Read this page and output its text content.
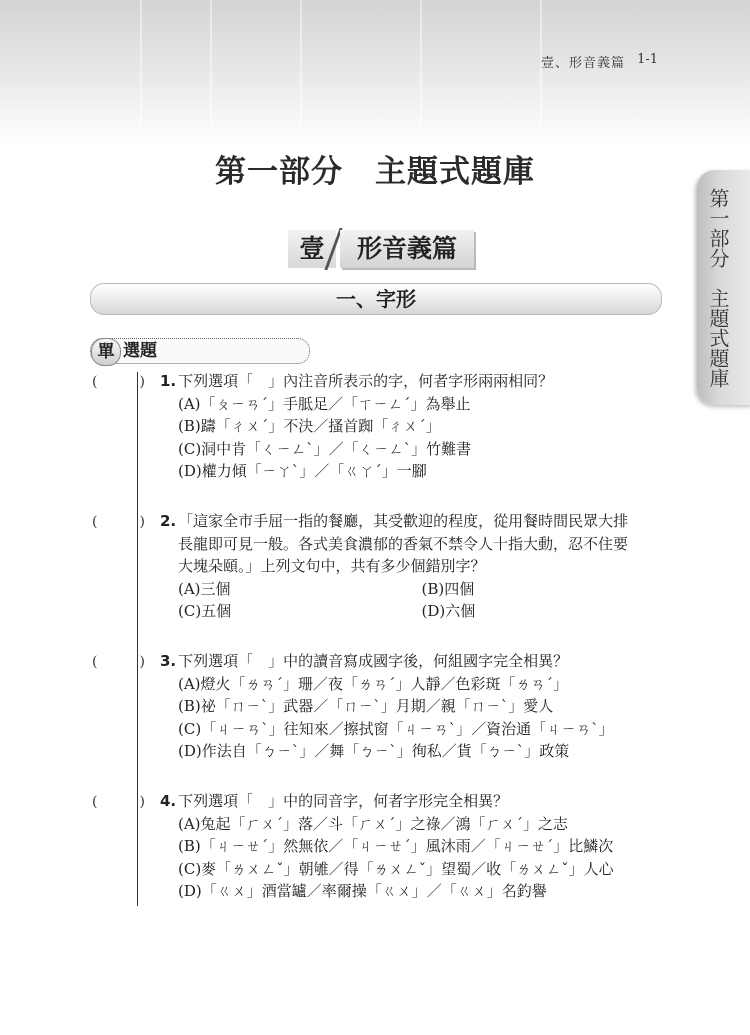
壹、形音義篇 1-1
第一部分　主題式題庫
壹	形音義篇
一、字形	第一部分　主題式題庫
單 選題
(　) 1. 下列選項「　」內注音所表示的字，何者字形兩兩相同？
(A)「ㄆㄧㄢˊ」手胝足／「ㄒㄧㄥˊ」為舉止
(B)躊「ㄔㄨˊ」不決／搔首踟「ㄔㄨˊ」
(C)洞中肯「ㄑㄧㄥˋ」／「ㄑㄧㄥˋ」竹難書
(D)權力傾「ㄧㄚˋ」／「ㄍㄚˊ」一腳
(　) 2. 「這家全市手屈一指的餐廳，其受歡迎的程度，從用餐時間民眾大排
長龍即可見一般。各式美食濃郁的香氣不禁令人十指大動，忍不住要
大塊朵頤。」上列文句中，共有多少個錯別字？
(A)三個	(B)四個
(C)五個	(D)六個
(　) 3. 下列選項「　」中的讀音寫成國字後，何組國字完全相異？
(A)燈火「ㄌㄢˊ」珊／夜「ㄌㄢˊ」人靜／色彩斑「ㄌㄢˊ」
(B)祕「ㄇㄧˋ」武器／「ㄇㄧˋ」月期／親「ㄇㄧˋ」愛人
(C)「ㄐㄧㄢˋ」往知來／擦拭窗「ㄐㄧㄢˋ」／資治通「ㄐㄧㄢˋ」
(D)作法自「ㄅㄧˋ」／舞「ㄅㄧˋ」徇私／貨「ㄅㄧˋ」政策
(　) 4. 下列選項「　」中的同音字，何者字形完全相異？
(A)兔起「ㄏㄨˊ」落／斗「ㄏㄨˊ」之祿／鴻「ㄏㄨˊ」之志
(B)「ㄐㄧㄝˊ」然無依／「ㄐㄧㄝˊ」風沐雨／「ㄐㄧㄝˊ」比鱗次
(C)麥「ㄌㄨㄥˇ」朝雊／得「ㄌㄨㄥˇ」望蜀／收「ㄌㄨㄥˇ」人心
(D)「ㄍㄨ」酒當罏／率爾操「ㄍㄨ」／「ㄍㄨ」名釣譽
